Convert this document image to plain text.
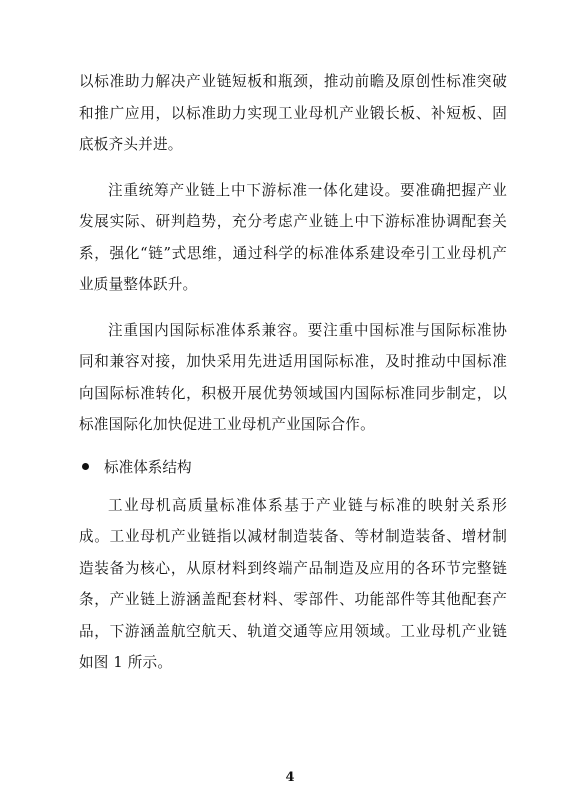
以标准助力解决产业链短板和瓶颈，推动前瞻及原创性标准突破和推广应用，以标准助力实现工业母机产业锻长板、补短板、固底板齐头并进。

注重统筹产业链上中下游标准一体化建设。要准确把握产业发展实际、研判趋势，充分考虑产业链上中下游标准协调配套关系，强化“链”式思维，通过科学的标准体系建设牵引工业母机产业质量整体跃升。

注重国内国际标准体系兼容。要注重中国标准与国际标准协同和兼容对接，加快采用先进适用国际标准，及时推动中国标准向国际标准转化，积极开展优势领域国内国际标准同步制定，以标准国际化加快促进工业母机产业国际合作。

标准体系结构

工业母机高质量标准体系基于产业链与标准的映射关系形成。工业母机产业链指以减材制造装备、等材制造装备、增材制造装备为核心，从原材料到终端产品制造及应用的各环节完整链条，产业链上游涵盖配套材料、零部件、功能部件等其他配套产品，下游涵盖航空航天、轨道交通等应用领域。工业母机产业链如图 1 所示。

4
